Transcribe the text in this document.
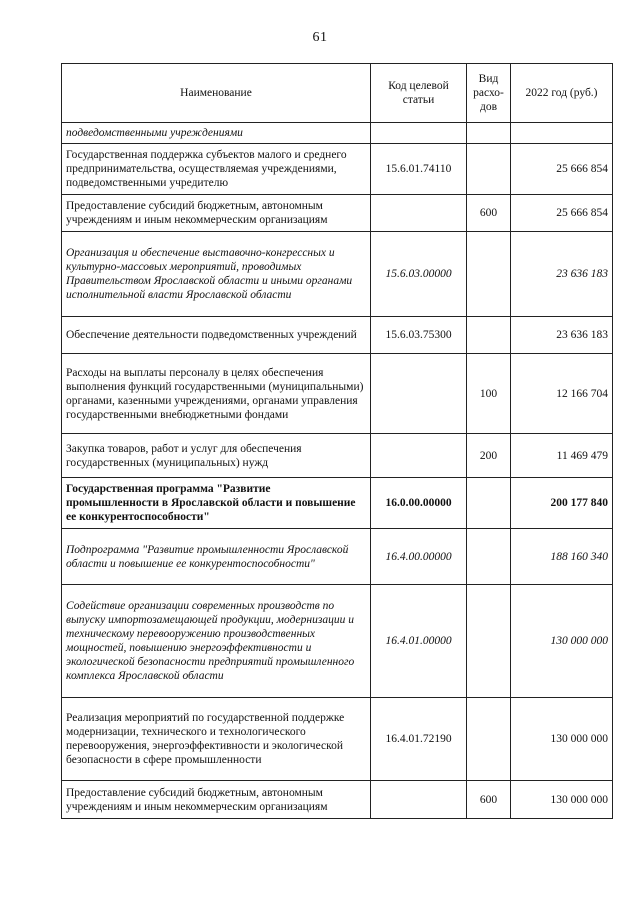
61
Наименование	Код целевой статьи	Вид расхо-дов	2022 год (руб.)
подведомственными учреждениями			
Государственная поддержка субъектов малого и среднего предпринимательства, осуществляемая учреждениями, подведомственными учредителю	15.6.01.74110		25 666 854
Предоставление субсидий бюджетным, автономным учреждениям и иным некоммерческим организациям		600	25 666 854
Организация и обеспечение выставочно-конгрессных и культурно-массовых мероприятий, проводимых Правительством Ярославской области и иными органами исполнительной власти Ярославской области	15.6.03.00000		23 636 183
Обеспечение деятельности подведомственных учреждений	15.6.03.75300		23 636 183
Расходы на выплаты персоналу в целях обеспечения выполнения функций государственными (муниципальными) органами, казенными учреждениями, органами управления государственными внебюджетными фондами		100	12 166 704
Закупка товаров, работ и услуг для обеспечения государственных (муниципальных) нужд		200	11 469 479
Государственная программа "Развитие промышленности в Ярославской области и повышение ее конкурентоспособности"	16.0.00.00000		200 177 840
Подпрограмма "Развитие промышленности Ярославской области и повышение ее конкурентоспособности"	16.4.00.00000		188 160 340
Содействие организации современных производств по выпуску импортозамещающей продукции, модернизации и техническому перевооружению производственных мощностей, повышению энергоэффективности и экологической безопасности предприятий промышленного комплекса Ярославской области	16.4.01.00000		130 000 000
Реализация мероприятий по государственной поддержке модернизации, технического и технологического перевооружения, энергоэффективности и экологической безопасности в сфере промышленности	16.4.01.72190		130 000 000
Предоставление субсидий бюджетным, автономным учреждениям и иным некоммерческим организациям		600	130 000 000
